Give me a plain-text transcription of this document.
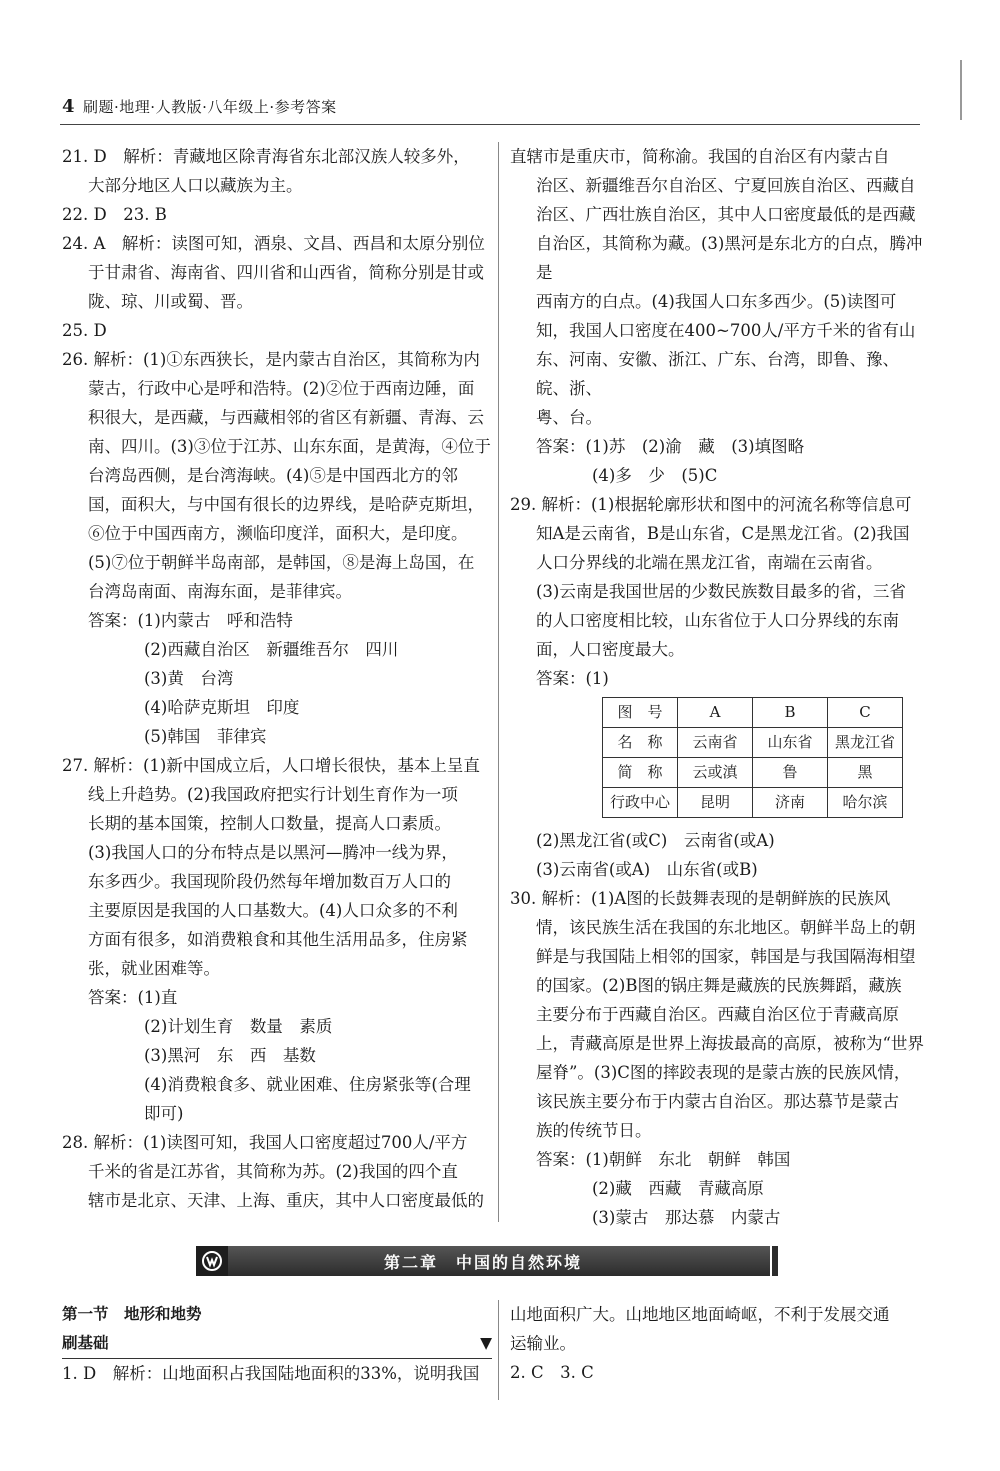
4 刷题·地理·人教版·八年级上·参考答案
21. D　解析：青藏地区除青海省东北部汉族人较多外，
大部分地区人口以藏族为主。
22. D　23. B
24. A　解析：读图可知，酒泉、文昌、西昌和太原分别位
于甘肃省、海南省、四川省和山西省，简称分别是甘或
陇、琼、川或蜀、晋。
25. D
26. 解析：(1)①东西狭长，是内蒙古自治区，其简称为内
蒙古，行政中心是呼和浩特。(2)②位于西南边陲，面
积很大，是西藏，与西藏相邻的省区有新疆、青海、云
南、四川。(3)③位于江苏、山东东面，是黄海，④位于
台湾岛西侧，是台湾海峡。(4)⑤是中国西北方的邻
国，面积大，与中国有很长的边界线，是哈萨克斯坦，
⑥位于中国西南方，濒临印度洋，面积大，是印度。
(5)⑦位于朝鲜半岛南部，是韩国，⑧是海上岛国，在
台湾岛南面、南海东面，是菲律宾。
答案：(1)内蒙古　呼和浩特
(2)西藏自治区　新疆维吾尔　四川
(3)黄　台湾
(4)哈萨克斯坦　印度
(5)韩国　菲律宾
27. 解析：(1)新中国成立后，人口增长很快，基本上呈直
线上升趋势。(2)我国政府把实行计划生育作为一项
长期的基本国策，控制人口数量，提高人口素质。
(3)我国人口的分布特点是以黑河—腾冲一线为界，
东多西少。我国现阶段仍然每年增加数百万人口的
主要原因是我国的人口基数大。(4)人口众多的不利
方面有很多，如消费粮食和其他生活用品多，住房紧
张，就业困难等。
答案：(1)直
(2)计划生育　数量　素质
(3)黑河　东　西　基数
(4)消费粮食多、就业困难、住房紧张等(合理
即可)
28. 解析：(1)读图可知，我国人口密度超过700人/平方
千米的省是江苏省，其简称为苏。(2)我国的四个直
辖市是北京、天津、上海、重庆，其中人口密度最低的
直辖市是重庆市，简称渝。我国的自治区有内蒙古自
治区、新疆维吾尔自治区、宁夏回族自治区、西藏自
治区、广西壮族自治区，其中人口密度最低的是西藏
自治区，其简称为藏。(3)黑河是东北方的白点，腾冲是
西南方的白点。(4)我国人口东多西少。(5)读图可
知，我国人口密度在400~700人/平方千米的省有山
东、河南、安徽、浙江、广东、台湾，即鲁、豫、皖、浙、
粤、台。
答案：(1)苏　(2)渝　藏　(3)填图略
(4)多　少　(5)C
29. 解析：(1)根据轮廓形状和图中的河流名称等信息可
知A是云南省，B是山东省，C是黑龙江省。(2)我国
人口分界线的北端在黑龙江省，南端在云南省。
(3)云南是我国世居的少数民族数目最多的省，三省
的人口密度相比较，山东省位于人口分界线的东南
面，人口密度最大。
答案：(1)
图　号	A	B	C
名　称	云南省	山东省	黑龙江省
简　称	云或滇	鲁	黑
行政中心	昆明	济南	哈尔滨
(2)黑龙江省(或C)　云南省(或A)
(3)云南省(或A)　山东省(或B)
30. 解析：(1)A图的长鼓舞表现的是朝鲜族的民族风
情，该民族生活在我国的东北地区。朝鲜半岛上的朝
鲜是与我国陆上相邻的国家，韩国是与我国隔海相望
的国家。(2)B图的锅庄舞是藏族的民族舞蹈，藏族
主要分布于西藏自治区。西藏自治区位于青藏高原
上，青藏高原是世界上海拔最高的高原，被称为“世界
屋脊”。(3)C图的摔跤表现的是蒙古族的民族风情，
该民族主要分布于内蒙古自治区。那达慕节是蒙古
族的传统节日。
答案：(1)朝鲜　东北　朝鲜　韩国
(2)藏　西藏　青藏高原
(3)蒙古　那达慕　内蒙古
第二章　中国的自然环境
第一节　地形和地势
刷基础	▼
1. D　解析：山地面积占我国陆地面积的33%，说明我国
山地面积广大。山地地区地面崎岖，不利于发展交通
运输业。
2. C　3. C
